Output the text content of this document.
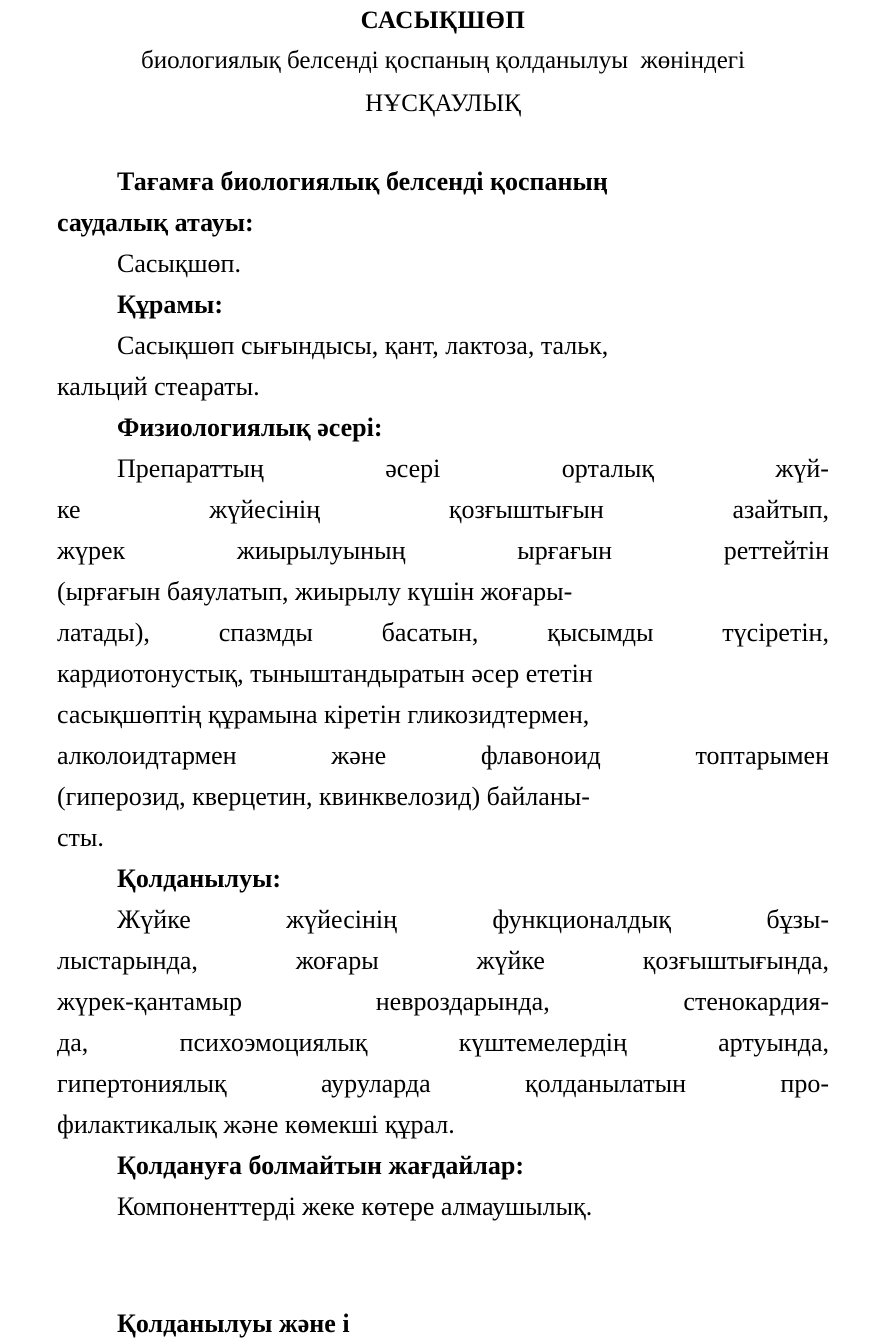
САСЫҚШӨП
биологиялық белсенді қоспаның қолданылуы  жөніндегі
НҰСҚАУЛЫҚ
Тағамға биологиялық белсенді қоспаның
саудалық атауы:
Сасықшөп.
Құрамы:
Сасықшөп сығындысы, қант, лактоза, тальк,
кальций стеараты.
Физиологиялық әсері:
Препараттың	әсері	орталық	жүй-
ке	жүйесінің	қозғыштығын	азайтып,
жүрек	жиырылуының	ырғағын	реттейтін
(ырғағын баяулатып, жиырылу күшін жоғары-
латады),	спазмды	басатын,	қысымды	түсіретін,
кардиотонустық, тыныштандыратын әсер ететін
сасықшөптің құрамына кіретін гликозидтермен,
алколоидтармен	және	флавоноид	топтарымен
(гиперозид, кверцетин, квинквелозид) байланы-
сты.
Қолданылуы:
Жүйке	жүйесінің	функционалдық	бұзы-
лыстарында,	жоғары	жүйке	қозғыштығында,
жүрек-қантамыр	невроздарында,	стенокардия-
да,	психоэмоциялық	күштемелердің	артуында,
гипертониялық	ауруларда	қолданылатын	про-
филактикалық және көмекші құрал.
Қолдануға болмайтын жағдайлар:
Компоненттерді жеке көтере алмаушылық.
Қолданылуы және і
